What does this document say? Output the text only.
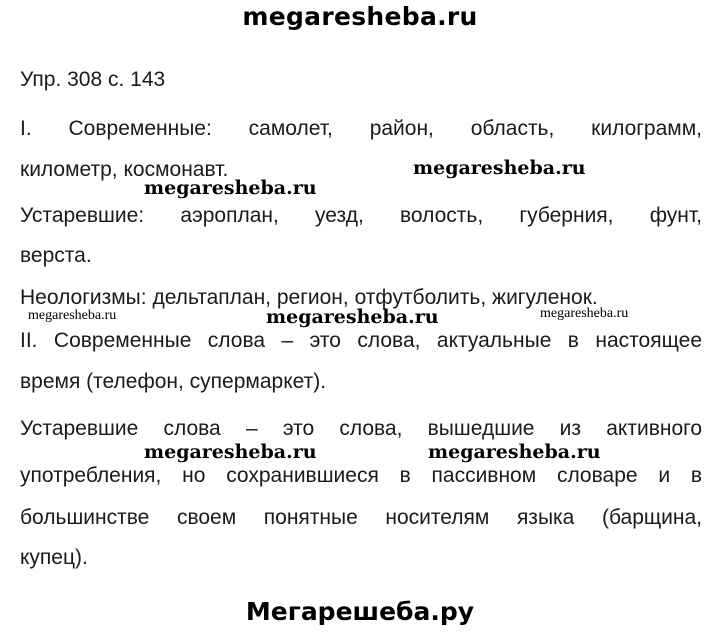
megaresheba.ru
Упр. 308 с. 143
I. Современные: самолет, район, область, килограмм,
километр, космонавт.
Устаревшие: аэроплан, уезд, волость, губерния, фунт,
верста.
Неологизмы: дельтаплан, регион, отфутболить, жигуленок.
II. Современные слова – это слова, актуальные в настоящее
время (телефон, супермаркет).
Устаревшие слова – это слова, вышедшие из активного
употребления, но сохранившиеся в пассивном словаре и в
большинстве своем понятные носителям языка (барщина,
купец).
megaresheba.ru
megaresheba.ru
megaresheba.ru	megaresheba.ru	megaresheba.ru
megaresheba.ru	megaresheba.ru
Мегарешеба.ру
